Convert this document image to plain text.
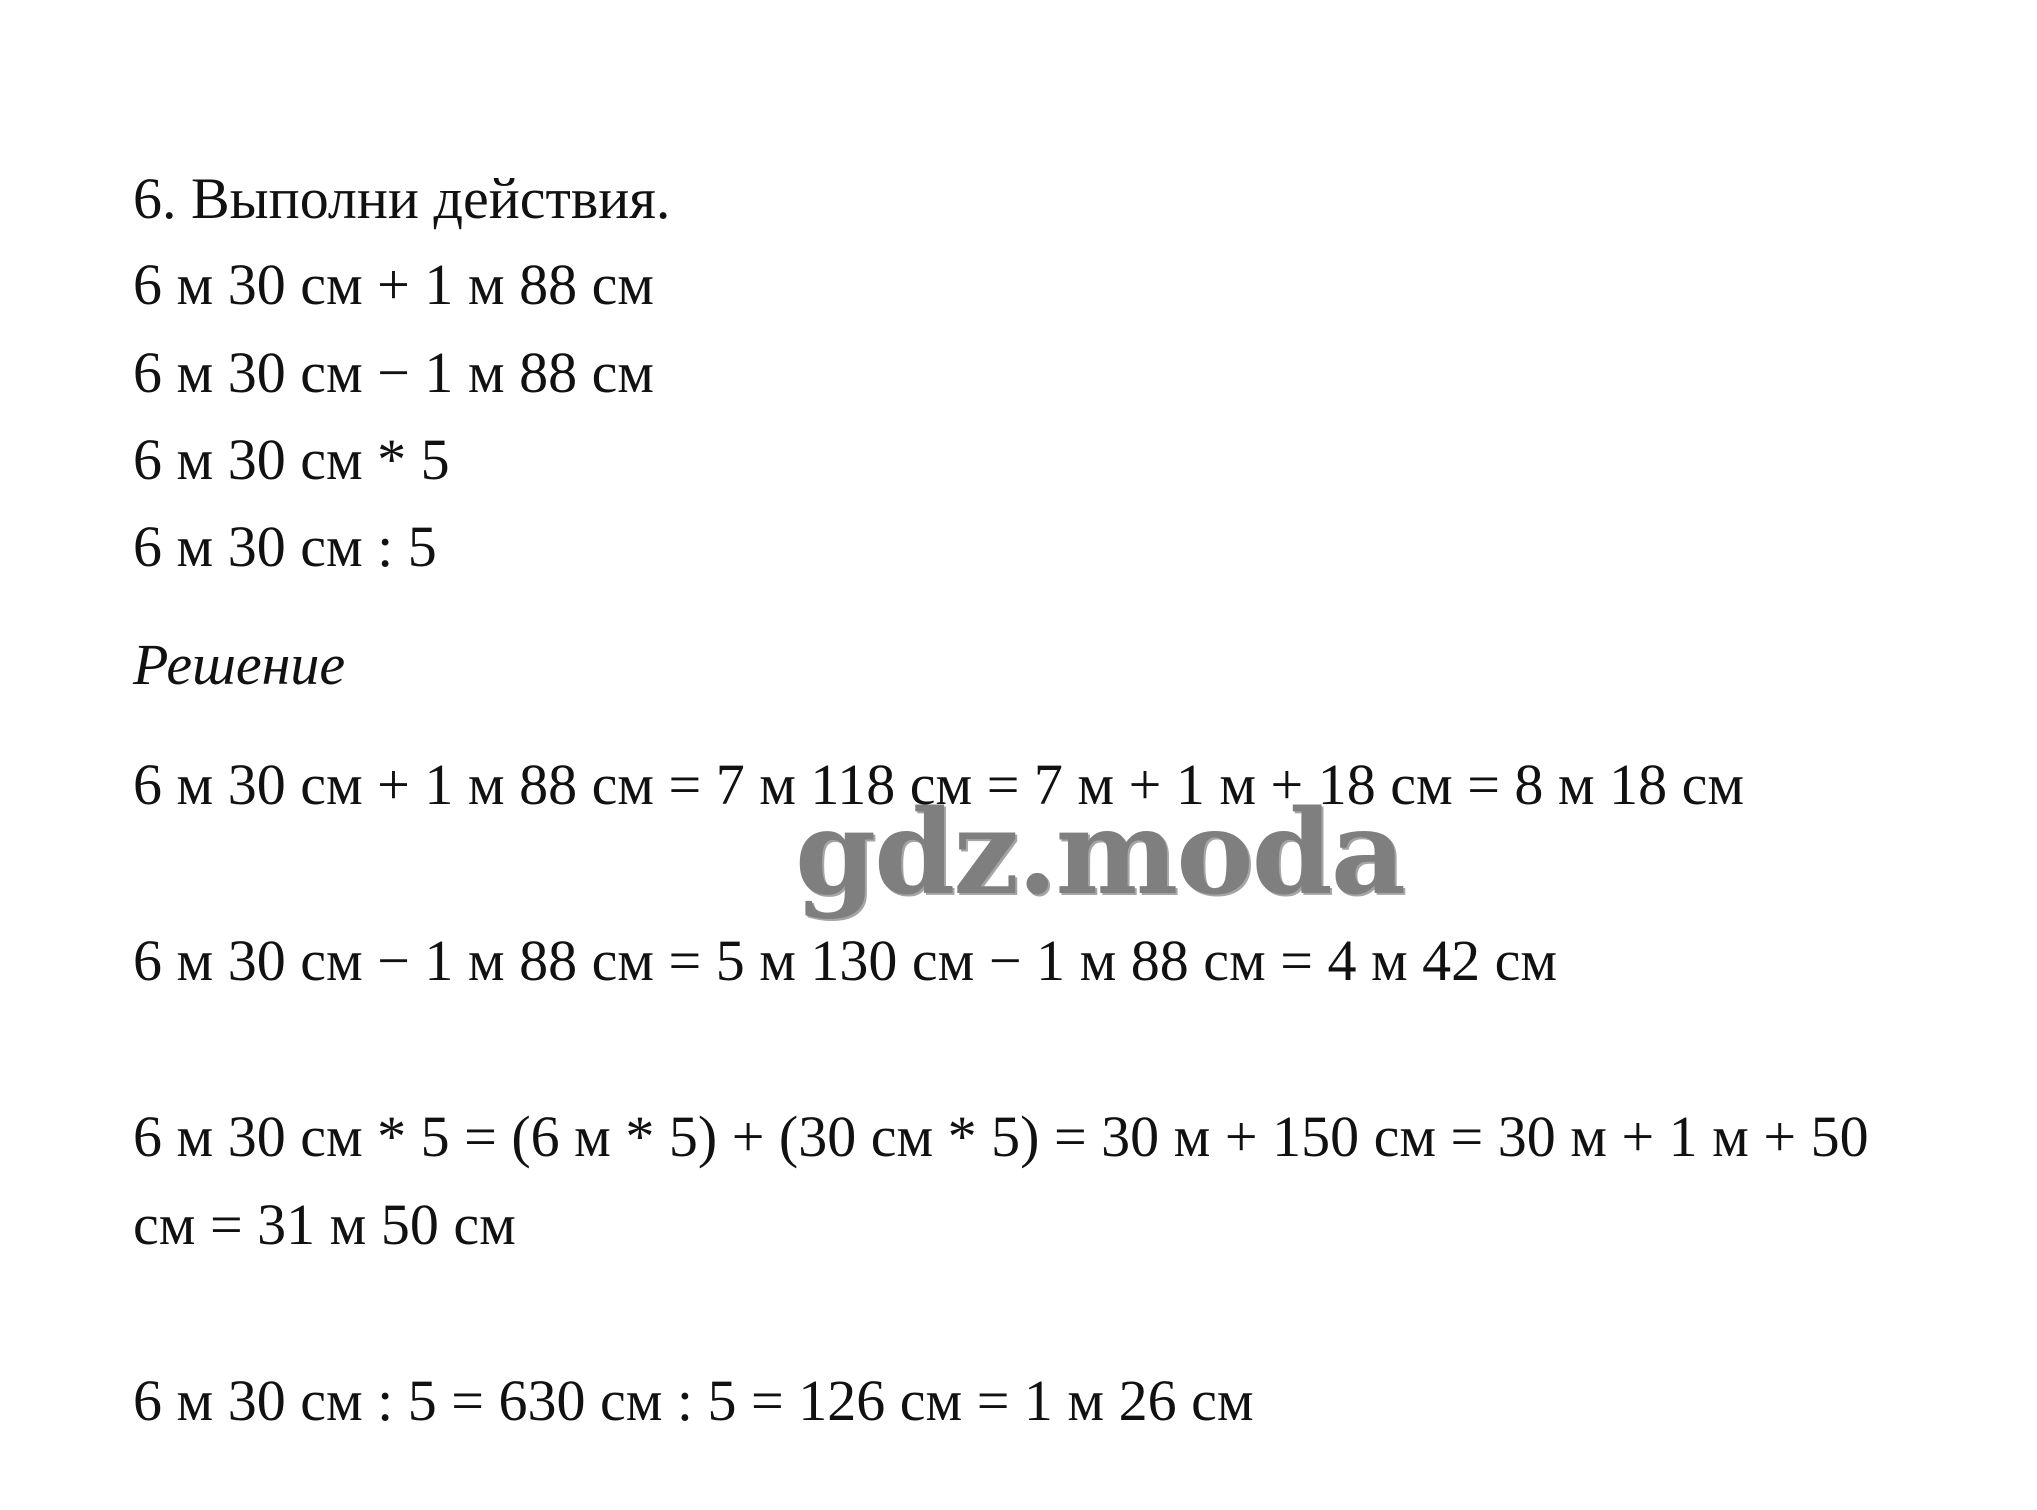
6. Выполни действия.
6 м 30 см + 1 м 88 см
6 м 30 см − 1 м 88 см
6 м 30 см * 5
6 м 30 см : 5
Решение
6 м 30 см + 1 м 88 см = 7 м 118 см = 7 м + 1 м + 18 см = 8 м 18 см
6 м 30 см − 1 м 88 см = 5 м 130 см − 1 м 88 см = 4 м 42 см
6 м 30 см * 5 = (6 м * 5) + (30 см * 5) = 30 м + 150 см = 30 м + 1 м + 50
см = 31 м 50 см
6 м 30 см : 5 = 630 см : 5 = 126 см = 1 м 26 см
gdz.moda
